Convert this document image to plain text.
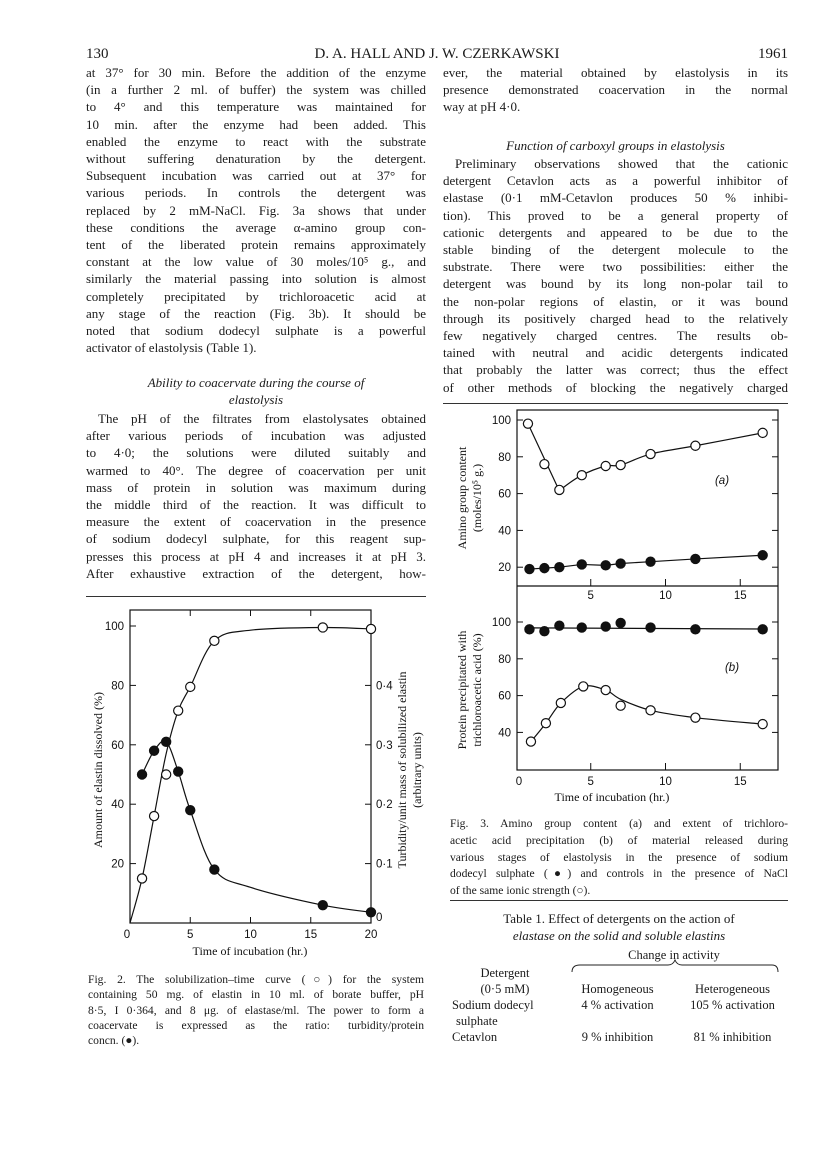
130	D. A. HALL AND J. W. CZERKAWSKI	1961
at 37° for 30 min. Before the addition of the enzyme
(in a further 2 ml. of buffer) the system was chilled
to 4° and this temperature was maintained for
10 min. after the enzyme had been added. This
enabled the enzyme to react with the substrate
without suffering denaturation by the detergent.
Subsequent incubation was carried out at 37° for
various periods. In controls the detergent was
replaced by 2 mM-NaCl. Fig. 3a shows that under
these conditions the average α-amino group con-
tent of the liberated protein remains approximately
constant at the low value of 30 moles/10⁵ g., and
similarly the material passing into solution is almost
completely precipitated by trichloroacetic acid at
any stage of the reaction (Fig. 3b). It should be
noted that sodium dodecyl sulphate is a powerful
activator of elastolysis (Table 1).
The pH of the filtrates from elastolysates obtained
after various periods of incubation was adjusted
to 4·0; the solutions were diluted suitably and
warmed to 40°. The degree of coacervation per unit
mass of protein in solution was maximum during
the middle third of the reaction. It was difficult to
measure the extent of coacervation in the presence
of sodium dodecyl sulphate, for this reagent sup-
presses this process at pH 4 and increases it at pH 3.
After exhaustive extraction of the detergent, how-
ever, the material obtained by elastolysis in its
presence demonstrated coacervation in the normal
way at pH 4·0.
Preliminary observations showed that the cationic
detergent Cetavlon acts as a powerful inhibitor of
elastase (0·1 mM-Cetavlon produces 50 % inhibi-
tion). This proved to be a general property of
cationic detergents and appeared to be due to the
stable binding of the detergent molecule to the
substrate. There were two possibilities: either the
detergent was bound by its long non-polar tail to
the non-polar regions of elastin, or it was bound
through its positively charged head to the relatively
few negatively charged centres. The results ob-
tained with neutral and acidic detergents indicated
that probably the latter was correct; thus the effect
of other methods of blocking the negatively charged
Fig. 2. The solubilization–time curve (○) for the system
containing 50 mg. of elastin in 10 ml. of borate buffer, pH
8·5, I 0·364, and 8 μg. of elastase/ml. The power to form a
coacervate is expressed as the ratio: turbidity/protein
concn. (●).
Fig. 3. Amino group content (a) and extent of trichloro-
acetic acid precipitation (b) of material released during
various stages of elastolysis in the presence of sodium
dodecyl sulphate (●) and controls in the presence of NaCl
of the same ionic strength (○).
Ability to coacervate during the course of
elastolysis
Function of carboxyl groups in elastolysis
Table 1. Effect of detergents on the action of
elastase on the solid and soluble elastins
Change in activity
Detergent
(0·5 mM)	Homogeneous	Heterogeneous
Sodium dodecyl
sulphate
4 % activation	105 % activation
Cetavlon	9 % inhibition	81 % inhibition
0	5	10	15	20
20
40
60
80
100
0
0·1
0·2
0·3
0·4
Time of incubation (hr.)
Amount of elastin dissolved (%)	Turbidity/unit mass of solubilized elastin (arbitrary units)
5	10	15
0	5	10	15
20
40
60
80
100
40
60
80
100
Amino group content (moles/10⁵ g.)
Protein precipitated with trichloroacetic acid (%)
(a)
(b)
Time of incubation (hr.)
